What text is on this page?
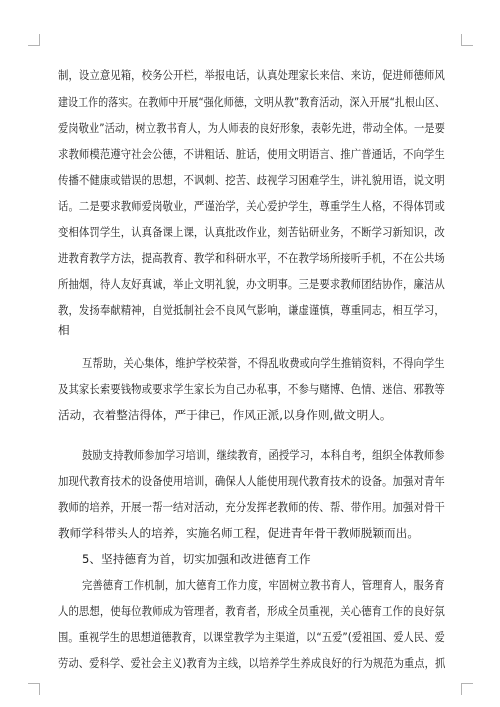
制，设立意见箱，校务公开栏，举报电话，认真处理家长来信、来访，促进师德师风

建设工作的落实。在教师中开展“强化师德，文明从教”教育活动，深入开展“扎根山区、

爱岗敬业”活动，树立教书育人，为人师表的良好形象，表彰先进，带动全体。一是要

求教师模范遵守社会公德，不讲粗话、脏话，使用文明语言、推广普通话，不向学生

传播不健康或错误的思想，不讽刺、挖苦、歧视学习困难学生，讲礼貌用语，说文明

话。二是要求教师爱岗敬业，严谨治学，关心爱护学生，尊重学生人格，不得体罚或

变相体罚学生，认真备课上课，认真批改作业，刻苦钻研业务，不断学习新知识，改

进教育教学方法，提高教育、教学和科研水平，不在教学场所接听手机，不在公共场

所抽烟，待人友好真诚，举止文明礼貌，办文明事。三是要求教师团结协作，廉洁从

教，发扬奉献精神，自觉抵制社会不良风气影响，谦虚谨慎，尊重同志，相互学习，

相

互帮助，关心集体，维护学校荣誉，不得乱收费或向学生推销资料，不得向学生

及其家长索要钱物或要求学生家长为自己办私事，不参与赌博、色情、迷信、邪教等

活动，衣着整洁得体，严于律已，作风正派,以身作则,做文明人。

鼓励支持教师参加学习培训，继续教育，函授学习，本科自考，组织全体教师参

加现代教育技术的设备使用培训，确保人人能使用现代教育技术的设备。加强对青年

教师的培养，开展一帮一结对活动，充分发挥老教师的传、帮、带作用。加强对骨干

教师学科带头人的培养，实施名师工程，促进青年骨干教师脱颖而出。

5、坚持德育为首，切实加强和改进德育工作

完善德育工作机制，加大德育工作力度，牢固树立教书育人，管理育人，服务育

人的思想，使每位教师成为管理者，教育者，形成全员重视，关心德育工作的良好氛

围。重视学生的思想道德教育，以课堂教学为主渠道，以“五爱”(爱祖国、爱人民、爱

劳动、爱科学、爱社会主义)教育为主线，以培养学生养成良好的行为规范为重点，抓
